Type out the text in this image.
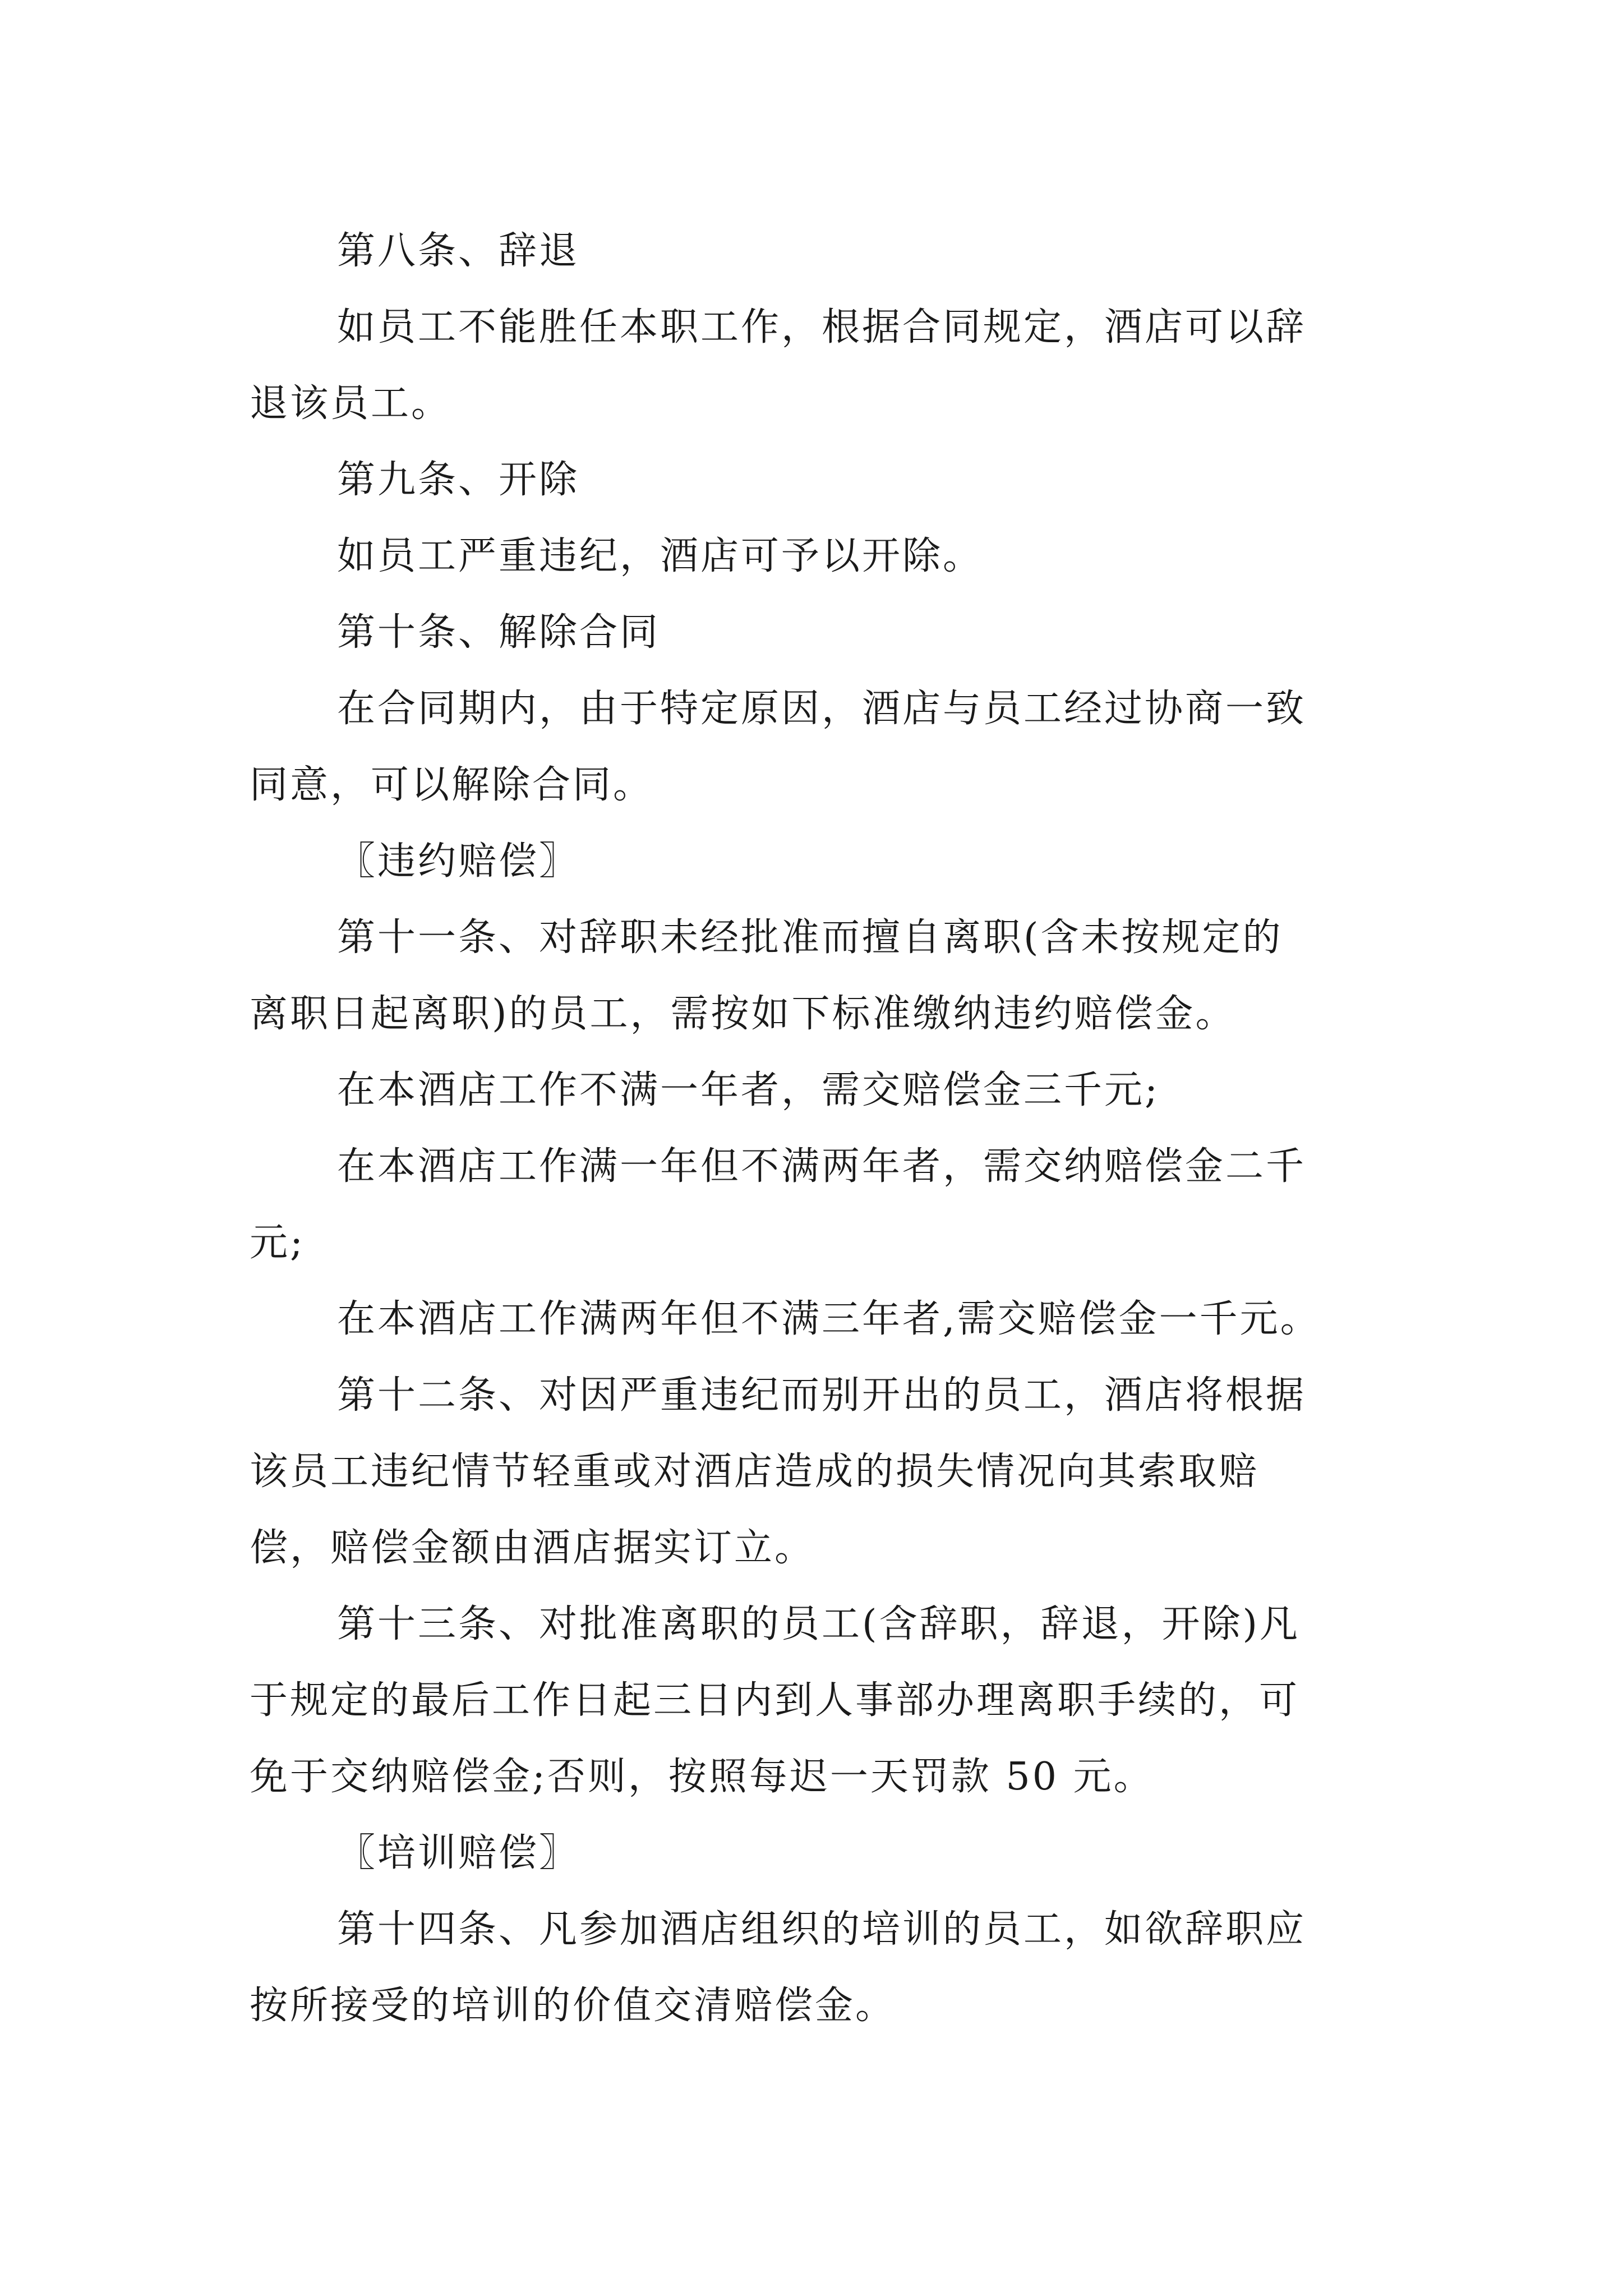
第八条、辞退
如员工不能胜任本职工作，根据合同规定，酒店可以辞
退该员工。
第九条、开除
如员工严重违纪，酒店可予以开除。
第十条、解除合同
在合同期内，由于特定原因，酒店与员工经过协商一致
同意，可以解除合同。
〖违约赔偿〗
第十一条、对辞职未经批准而擅自离职(含未按规定的
离职日起离职)的员工，需按如下标准缴纳违约赔偿金。
在本酒店工作不满一年者，需交赔偿金三千元;
在本酒店工作满一年但不满两年者，需交纳赔偿金二千
元;
在本酒店工作满两年但不满三年者,需交赔偿金一千元。
第十二条、对因严重违纪而别开出的员工，酒店将根据
该员工违纪情节轻重或对酒店造成的损失情况向其索取赔
偿，赔偿金额由酒店据实订立。
第十三条、对批准离职的员工(含辞职，辞退，开除)凡
于规定的最后工作日起三日内到人事部办理离职手续的，可
免于交纳赔偿金;否则，按照每迟一天罚款 50 元。
〖培训赔偿〗
第十四条、凡参加酒店组织的培训的员工，如欲辞职应
按所接受的培训的价值交清赔偿金。
